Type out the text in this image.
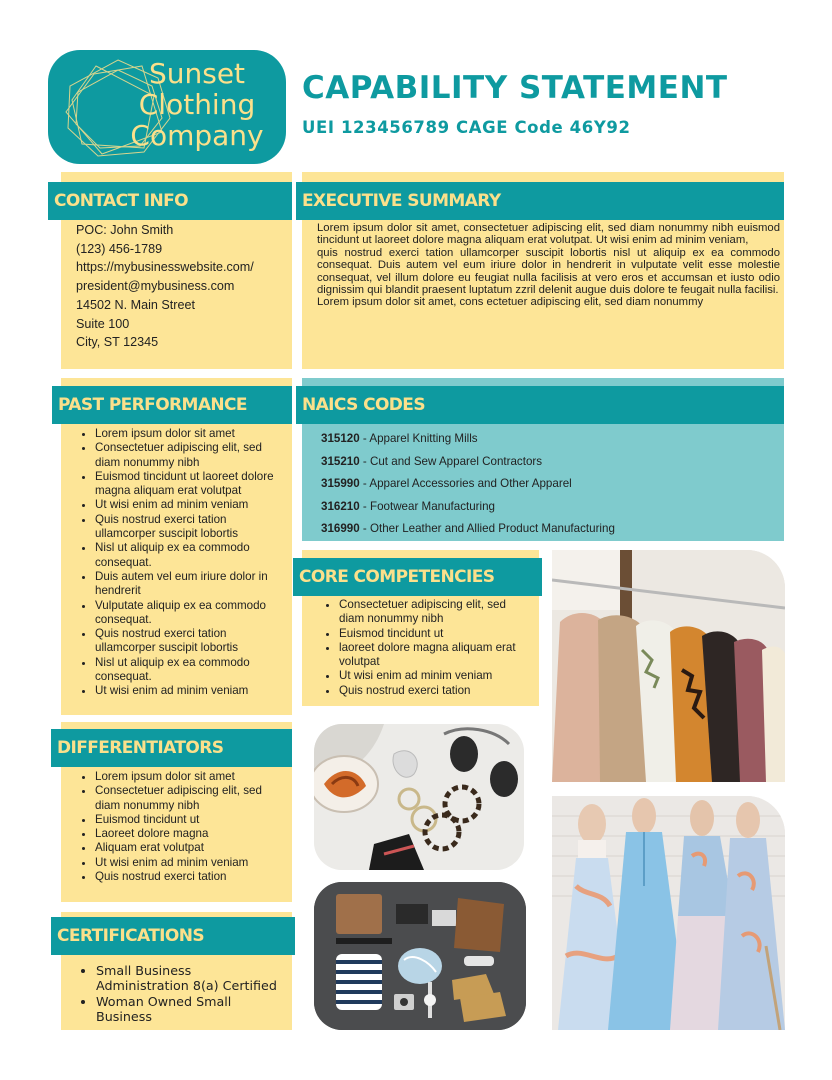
Sunset
Clothing
Company
CAPABILITY STATEMENT
UEI 123456789 CAGE Code 46Y92
CONTACT INFO	EXECUTIVE SUMMARY
PAST PERFORMANCE	NAICS CODES
CORE COMPETENCIES
DIFFERENTIATORS
CERTIFICATIONS
POC: John Smith
(123) 456-1789
https://mybusinesswebsite.com/
president@mybusiness.com
14502 N. Main Street
Suite 100
City, ST 12345

Lorem ipsum dolor sit amet, consectetuer adipiscing elit, sed diam nonummy nibh euismod tincidunt ut laoreet dolore magna aliquam erat volutpat. Ut wisi enim ad minim veniam,

quis nostrud exerci tation ullamcorper suscipit lobortis nisl ut aliquip ex ea commodo consequat. Duis autem vel eum iriure dolor in hendrerit in vulputate velit esse molestie consequat, vel illum dolore eu feugiat nulla facilisis at vero eros et accumsan et iusto odio dignissim qui blandit praesent luptatum zzril delenit augue duis dolore te feugait nulla facilisi.

Lorem ipsum dolor sit amet, cons ectetuer adipiscing elit, sed diam nonummy

• Lorem ipsum dolor sit amet
• Consectetuer adipiscing elit, sed diam nonummy nibh
• Euismod tincidunt ut laoreet dolore magna aliquam erat volutpat
• Ut wisi enim ad minim veniam
• Quis nostrud exerci tation ullamcorper suscipit lobortis
• Nisl ut aliquip ex ea commodo consequat.
• Duis autem vel eum iriure dolor in hendrerit
• Vulputate aliquip ex ea commodo consequat.
• Quis nostrud exerci tation ullamcorper suscipit lobortis
• Nisl ut aliquip ex ea commodo consequat.
• Ut wisi enim ad minim veniam
315120 - Apparel Knitting Mills
315210 - Cut and Sew Apparel Contractors
315990 - Apparel Accessories and Other Apparel
316210 - Footwear Manufacturing
316990 - Other Leather and Allied Product Manufacturing
• Consectetuer adipiscing elit, sed diam nonummy nibh
• Euismod tincidunt ut
• laoreet dolore magna aliquam erat volutpat
• Ut wisi enim ad minim veniam
• Quis nostrud exerci tation
• Lorem ipsum dolor sit amet
• Consectetuer adipiscing elit, sed diam nonummy nibh
• Euismod tincidunt ut
• Laoreet dolore magna
• Aliquam erat volutpat
• Ut wisi enim ad minim veniam
• Quis nostrud exerci tation
• Small Business Administration 8(a) Certified
• Woman Owned Small Business
